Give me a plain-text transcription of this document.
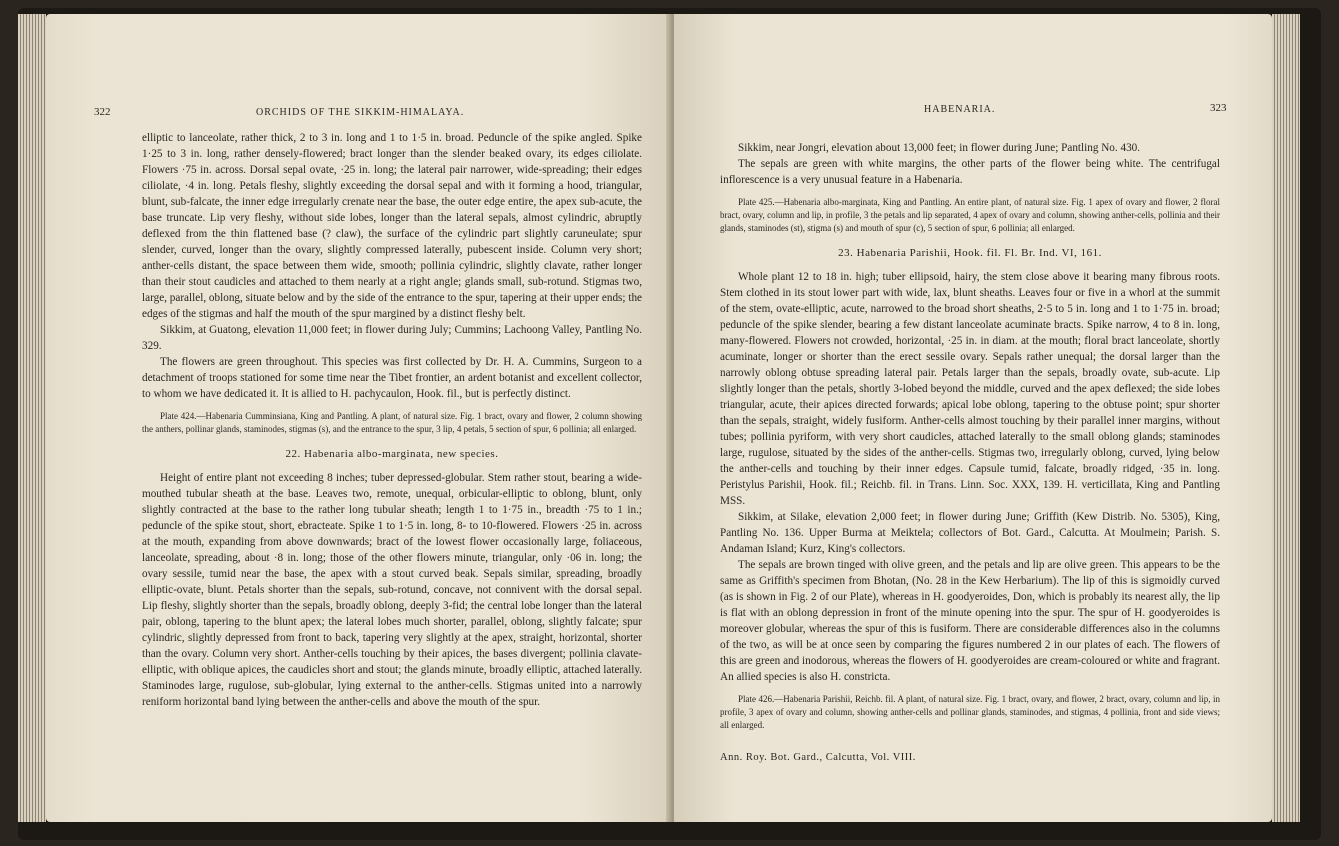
322	ORCHIDS OF THE SIKKIM-HIMALAYA.

elliptic to lanceolate, rather thick, 2 to 3 in. long and 1 to 1·5 in. broad. Peduncle of the spike angled. Spike 1·25 to 3 in. long, rather densely-flowered; bract longer than the slender beaked ovary, its edges ciliolate. Flowers ·75 in. across. Dorsal sepal ovate, ·25 in. long; the lateral pair narrower, wide-spreading; their edges ciliolate, ·4 in. long. Petals fleshy, slightly exceeding the dorsal sepal and with it forming a hood, triangular, blunt, sub-falcate, the inner edge irregularly crenate near the base, the outer edge entire, the apex sub-acute, the base truncate. Lip very fleshy, without side lobes, longer than the lateral sepals, almost cylindric, abruptly deflexed from the thin flattened base (? claw), the surface of the cylindric part slightly caruneulate; spur slender, curved, longer than the ovary, slightly compressed laterally, pubescent inside. Column very short; anther-cells distant, the space between them wide, smooth; pollinia cylindric, slightly clavate, rather longer than their stout caudicles and attached to them nearly at a right angle; glands small, sub-rotund. Stigmas two, large, parallel, oblong, situate below and by the side of the entrance to the spur, tapering at their upper ends; the edges of the stigmas and half the mouth of the spur margined by a distinct fleshy belt.

Sikkim, at Guatong, elevation 11,000 feet; in flower during July; Cummins; Lachoong Valley, Pantling No. 329.

The flowers are green throughout. This species was first collected by Dr. H. A. Cummins, Surgeon to a detachment of troops stationed for some time near the Tibet frontier, an ardent botanist and excellent collector, to whom we have dedicated it. It is allied to H. pachycaulon, Hook. fil., but is perfectly distinct.

Plate 424.—Habenaria Cumminsiana, King and Pantling. A plant, of natural size. Fig. 1 bract, ovary and flower, 2 column showing the anthers, pollinar glands, staminodes, stigmas (s), and the entrance to the spur, 3 lip, 4 petals, 5 section of spur, 6 pollinia; all enlarged.

22. Habenaria albo-marginata, new species.

Height of entire plant not exceeding 8 inches; tuber depressed-globular. Stem rather stout, bearing a wide-mouthed tubular sheath at the base. Leaves two, remote, unequal, orbicular-elliptic to oblong, blunt, only slightly contracted at the base to the rather long tubular sheath; length 1 to 1·75 in., breadth ·75 to 1 in.; peduncle of the spike stout, short, ebracteate. Spike 1 to 1·5 in. long, 8- to 10-flowered. Flowers ·25 in. across at the mouth, expanding from above downwards; bract of the lowest flower occasionally large, foliaceous, lanceolate, spreading, about ·8 in. long; those of the other flowers minute, triangular, only ·06 in. long; the ovary sessile, tumid near the base, the apex with a stout curved beak. Sepals similar, spreading, broadly elliptic-ovate, blunt. Petals shorter than the sepals, sub-rotund, concave, not connivent with the dorsal sepal. Lip fleshy, slightly shorter than the sepals, broadly oblong, deeply 3-fid; the central lobe longer than the lateral pair, oblong, tapering to the blunt apex; the lateral lobes much shorter, parallel, oblong, slightly falcate; spur cylindric, slightly depressed from front to back, tapering very slightly at the apex, straight, horizontal, shorter than the ovary. Column very short. Anther-cells touching by their apices, the bases divergent; pollinia clavate-elliptic, with oblique apices, the caudicles short and stout; the glands minute, broadly elliptic, attached laterally. Staminodes large, rugulose, sub-globular, lying external to the anther-cells. Stigmas united into a narrowly reniform horizontal band lying between the anther-cells and above the mouth of the spur.

HABENARIA.	323

Sikkim, near Jongri, elevation about 13,000 feet; in flower during June; Pantling No. 430.

The sepals are green with white margins, the other parts of the flower being white. The centrifugal inflorescence is a very unusual feature in a Habenaria.

Plate 425.—Habenaria albo-marginata, King and Pantling. An entire plant, of natural size. Fig. 1 apex of ovary and flower, 2 floral bract, ovary, column and lip, in profile, 3 the petals and lip separated, 4 apex of ovary and column, showing anther-cells, pollinia and their glands, staminodes (st), stigma (s) and mouth of spur (c), 5 section of spur, 6 pollinia; all enlarged.

23. Habenaria Parishii, Hook. fil. Fl. Br. Ind. VI, 161.

Whole plant 12 to 18 in. high; tuber ellipsoid, hairy, the stem close above it bearing many fibrous roots. Stem clothed in its stout lower part with wide, lax, blunt sheaths. Leaves four or five in a whorl at the summit of the stem, ovate-elliptic, acute, narrowed to the broad short sheaths, 2·5 to 5 in. long and 1 to 1·75 in. broad; peduncle of the spike slender, bearing a few distant lanceolate acuminate bracts. Spike narrow, 4 to 8 in. long, many-flowered. Flowers not crowded, horizontal, ·25 in. in diam. at the mouth; floral bract lanceolate, shortly acuminate, longer or shorter than the erect sessile ovary. Sepals rather unequal; the dorsal larger than the narrowly oblong obtuse spreading lateral pair. Petals larger than the sepals, broadly ovate, sub-acute. Lip slightly longer than the petals, shortly 3-lobed beyond the middle, curved and the apex deflexed; the side lobes triangular, acute, their apices directed forwards; apical lobe oblong, tapering to the obtuse point; spur shorter than the sepals, straight, widely fusiform. Anther-cells almost touching by their parallel inner margins, without tubes; pollinia pyriform, with very short caudicles, attached laterally to the small oblong glands; staminodes large, rugulose, situated by the sides of the anther-cells. Stigmas two, irregularly oblong, curved, lying below the anther-cells and touching by their inner edges. Capsule tumid, falcate, broadly ridged, ·35 in. long. Peristylus Parishii, Hook. fil.; Reichb. fil. in Trans. Linn. Soc. XXX, 139. H. verticillata, King and Pantling MSS.

Sikkim, at Silake, elevation 2,000 feet; in flower during June; Griffith (Kew Distrib. No. 5305), King, Pantling No. 136. Upper Burma at Meiktela; collectors of Bot. Gard., Calcutta. At Moulmein; Parish. S. Andaman Island; Kurz, King's collectors.

The sepals are brown tinged with olive green, and the petals and lip are olive green. This appears to be the same as Griffith's specimen from Bhotan, (No. 28 in the Kew Herbarium). The lip of this is sigmoidly curved (as is shown in Fig. 2 of our Plate), whereas in H. goodyeroides, Don, which is probably its nearest ally, the lip is flat with an oblong depression in front of the minute opening into the spur. The spur of H. goodyeroides is moreover globular, whereas the spur of this is fusiform. There are considerable differences also in the columns of the two, as will be at once seen by comparing the figures numbered 2 in our plates of each. The flowers of this are green and inodorous, whereas the flowers of H. goodyeroides are cream-coloured or white and fragrant. An allied species is also H. constricta.

Plate 426.—Habenaria Parishii, Reichb. fil. A plant, of natural size. Fig. 1 bract, ovary, and flower, 2 bract, ovary, column and lip, in profile, 3 apex of ovary and column, showing anther-cells and pollinar glands, staminodes, and stigmas, 4 pollinia, front and side views; all enlarged.

Ann. Roy. Bot. Gard., Calcutta, Vol. VIII.
